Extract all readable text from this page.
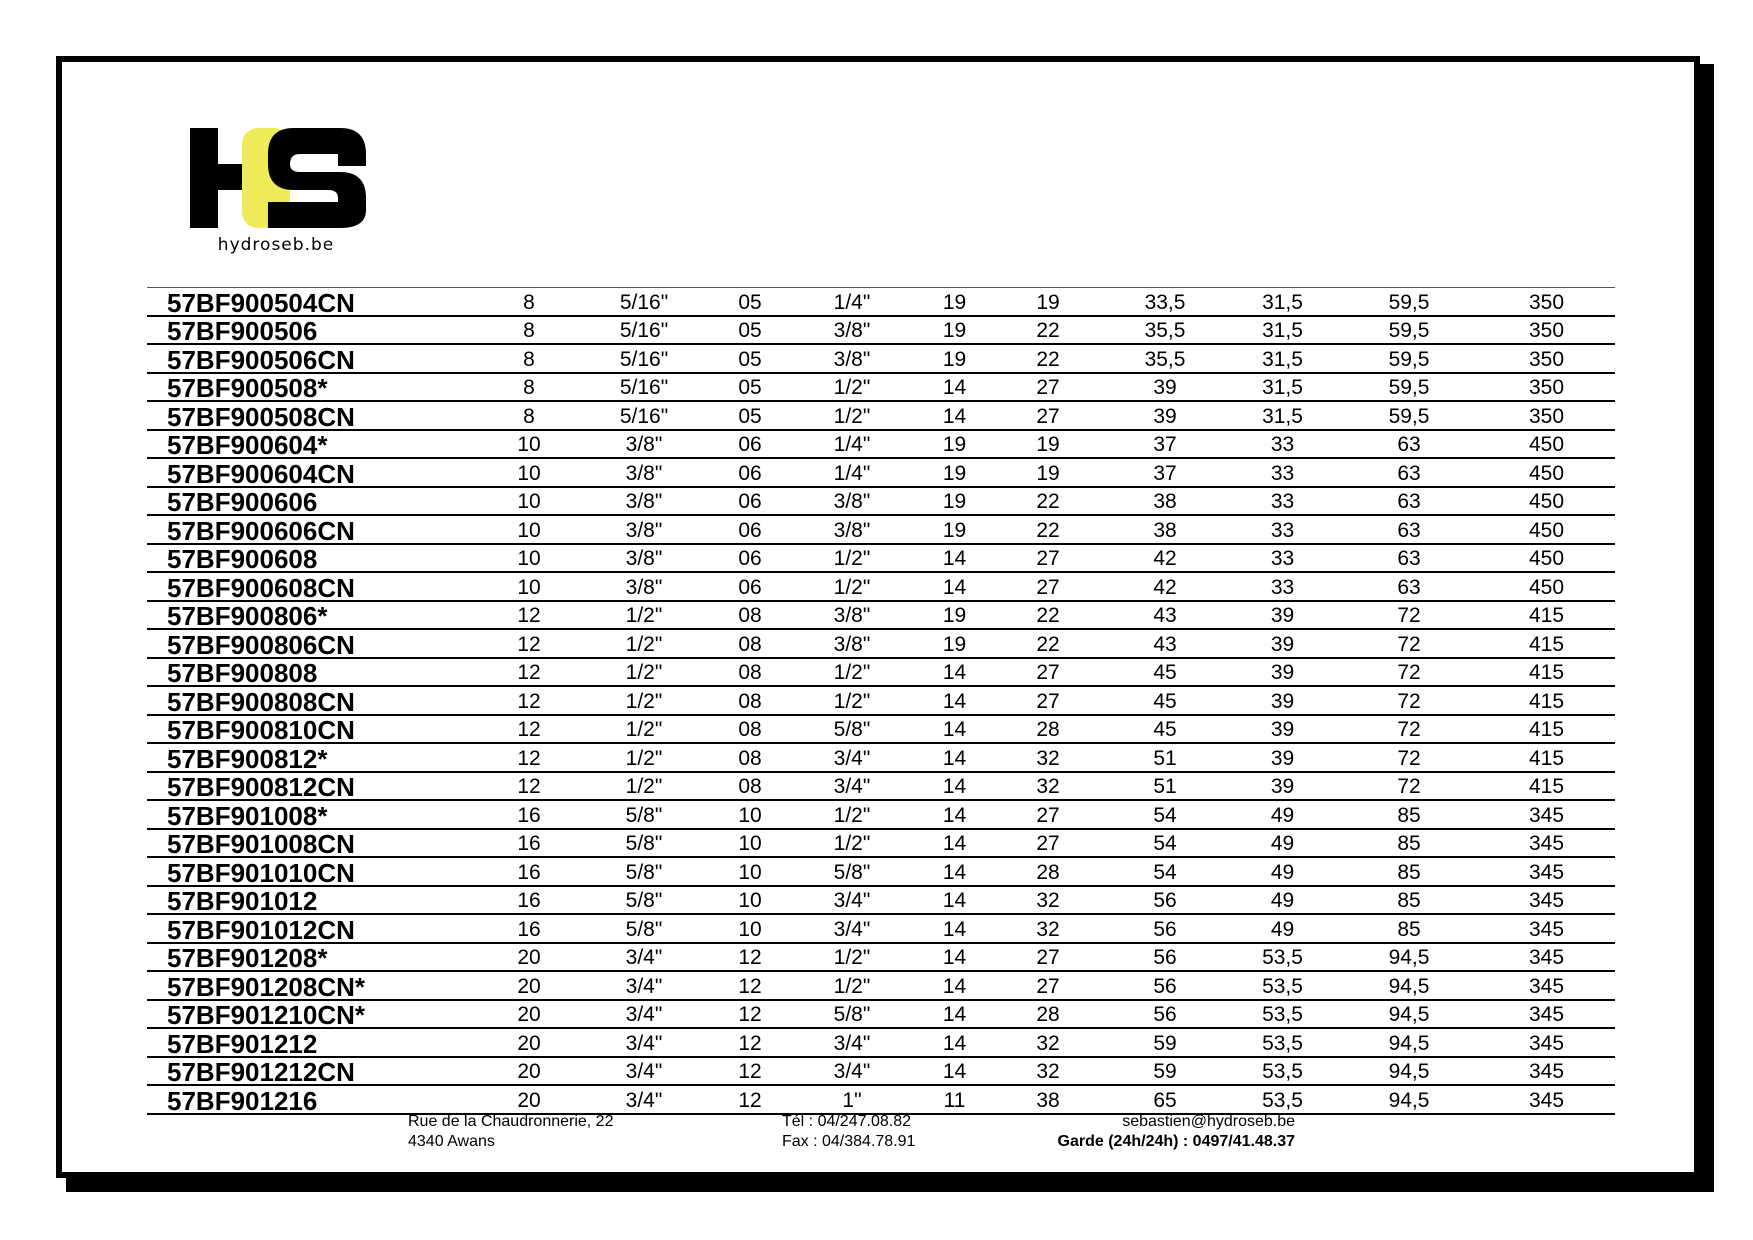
hydroseb.be
57BF900504CN	8	5/16"	05	1/4"	19	19	33,5	31,5	59,5	350
57BF900506	8	5/16"	05	3/8"	19	22	35,5	31,5	59,5	350
57BF900506CN	8	5/16"	05	3/8"	19	22	35,5	31,5	59,5	350
57BF900508*	8	5/16"	05	1/2"	14	27	39	31,5	59,5	350
57BF900508CN	8	5/16"	05	1/2"	14	27	39	31,5	59,5	350
57BF900604*	10	3/8"	06	1/4"	19	19	37	33	63	450
57BF900604CN	10	3/8"	06	1/4"	19	19	37	33	63	450
57BF900606	10	3/8"	06	3/8"	19	22	38	33	63	450
57BF900606CN	10	3/8"	06	3/8"	19	22	38	33	63	450
57BF900608	10	3/8"	06	1/2"	14	27	42	33	63	450
57BF900608CN	10	3/8"	06	1/2"	14	27	42	33	63	450
57BF900806*	12	1/2"	08	3/8"	19	22	43	39	72	415
57BF900806CN	12	1/2"	08	3/8"	19	22	43	39	72	415
57BF900808	12	1/2"	08	1/2"	14	27	45	39	72	415
57BF900808CN	12	1/2"	08	1/2"	14	27	45	39	72	415
57BF900810CN	12	1/2"	08	5/8"	14	28	45	39	72	415
57BF900812*	12	1/2"	08	3/4"	14	32	51	39	72	415
57BF900812CN	12	1/2"	08	3/4"	14	32	51	39	72	415
57BF901008*	16	5/8"	10	1/2"	14	27	54	49	85	345
57BF901008CN	16	5/8"	10	1/2"	14	27	54	49	85	345
57BF901010CN	16	5/8"	10	5/8"	14	28	54	49	85	345
57BF901012	16	5/8"	10	3/4"	14	32	56	49	85	345
57BF901012CN	16	5/8"	10	3/4"	14	32	56	49	85	345
57BF901208*	20	3/4"	12	1/2"	14	27	56	53,5	94,5	345
57BF901208CN*	20	3/4"	12	1/2"	14	27	56	53,5	94,5	345
57BF901210CN*	20	3/4"	12	5/8"	14	28	56	53,5	94,5	345
57BF901212	20	3/4"	12	3/4"	14	32	59	53,5	94,5	345
57BF901212CN	20	3/4"	12	3/4"	14	32	59	53,5	94,5	345
57BF901216	20	3/4"	12	1"	11	38	65	53,5	94,5	345
Rue de la Chaudronnerie, 22
4340 Awans
Tél : 04/247.08.82
Fax : 04/384.78.91
sebastien@hydroseb.be
Garde (24h/24h) : 0497/41.48.37
